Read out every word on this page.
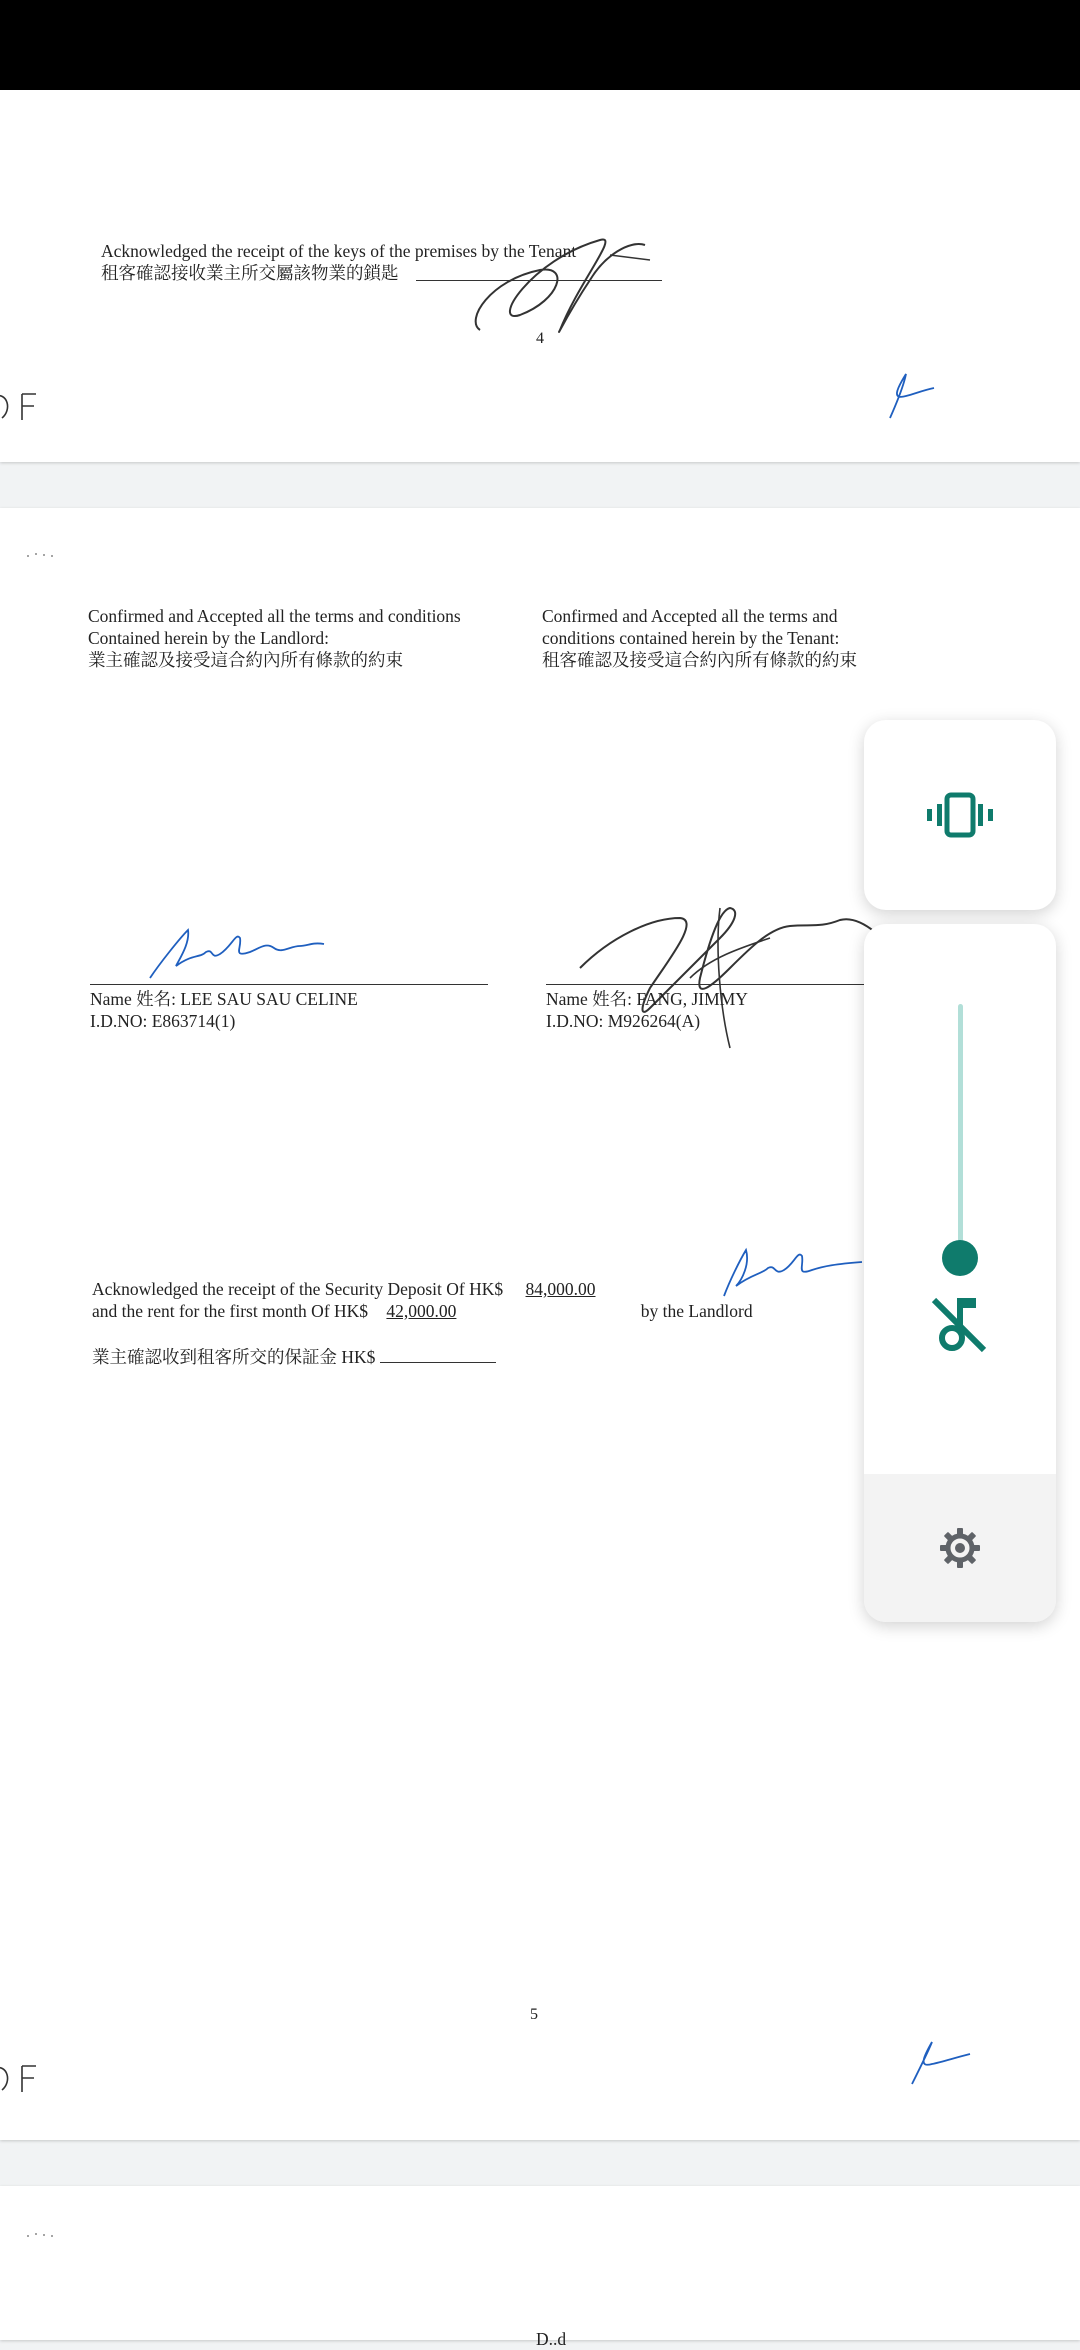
Acknowledged the receipt of the keys of the premises by the Tenant
租客確認接收業主所交屬該物業的鎖匙
4
Confirmed and Accepted all the terms and conditions
Contained herein by the Landlord:
業主確認及接受這合約內所有條款的約束
Confirmed and Accepted all the terms and
conditions contained herein by the Tenant:
租客確認及接受這合約內所有條款的約束
Name 姓名: LEE SAU SAU CELINE
I.D.NO: E863714(1)
Name 姓名: FANG, JIMMY
I.D.NO: M926264(A)
Acknowledged the receipt of the Security Deposit Of HK$ 84,000.00
and the rent for the first month Of HK$ 42,000.00	by the Landlord
業主確認收到租客所交的保証金 HK$
5
D..d
